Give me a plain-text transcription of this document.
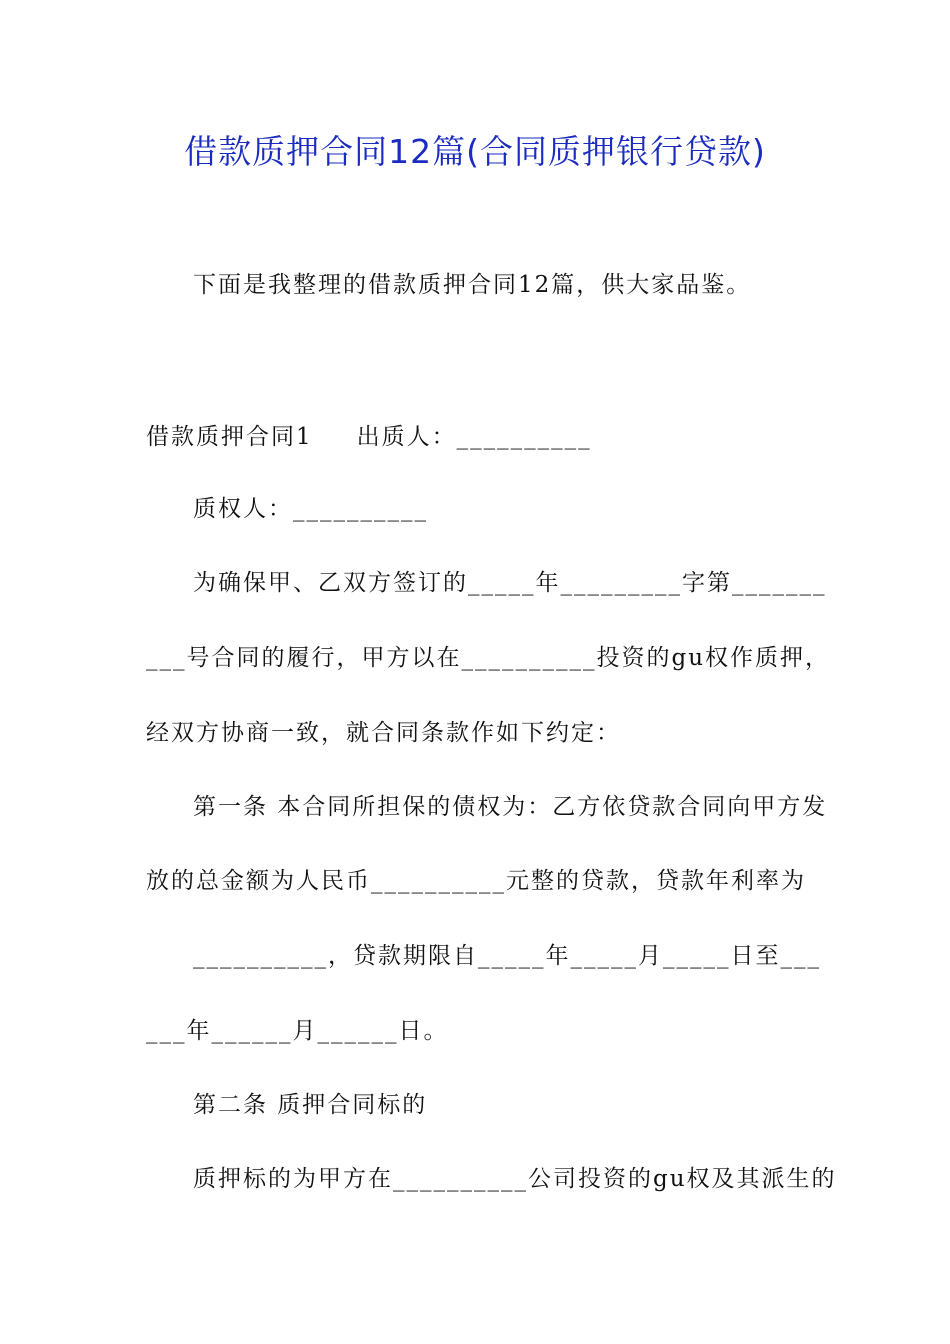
借款质押合同12篇(合同质押银行贷款)
下面是我整理的借款质押合同12篇，供大家品鉴。
借款质押合同1 出质人：__________
质权人：__________
为确保甲、乙双方签订的_____年_________字第_______
___号合同的履行，甲方以在__________投资的gu权作质押，
经双方协商一致，就合同条款作如下约定：
第一条 本合同所担保的债权为：乙方依贷款合同向甲方发
放的总金额为人民币__________元整的贷款，贷款年利率为
__________，贷款期限自_____年_____月_____日至___
___年______月______日。
第二条 质押合同标的
质押标的为甲方在__________公司投资的gu权及其派生的
